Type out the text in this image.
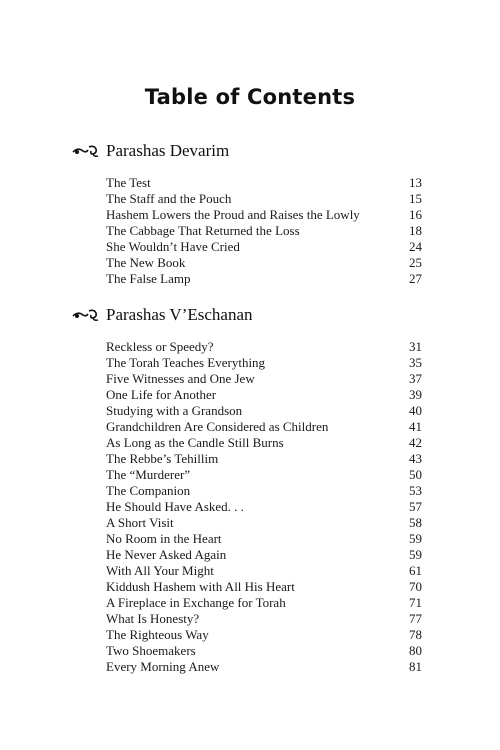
Table of Contents
Parashas Devarim
The Test	13
The Staff and the Pouch	15
Hashem Lowers the Proud and Raises the Lowly	16
The Cabbage That Returned the Loss	18
She Wouldn’t Have Cried	24
The New Book	25
The False Lamp	27
Parashas V’Eschanan
Reckless or Speedy?	31
The Torah Teaches Everything	35
Five Witnesses and One Jew	37
One Life for Another	39
Studying with a Grandson	40
Grandchildren Are Considered as Children	41
As Long as the Candle Still Burns	42
The Rebbe’s Tehillim	43
The “Murderer”	50
The Companion	53
He Should Have Asked. . .	57
A Short Visit	58
No Room in the Heart	59
He Never Asked Again	59
With All Your Might	61
Kiddush Hashem with All His Heart	70
A Fireplace in Exchange for Torah	71
What Is Honesty?	77
The Righteous Way	78
Two Shoemakers	80
Every Morning Anew	81
